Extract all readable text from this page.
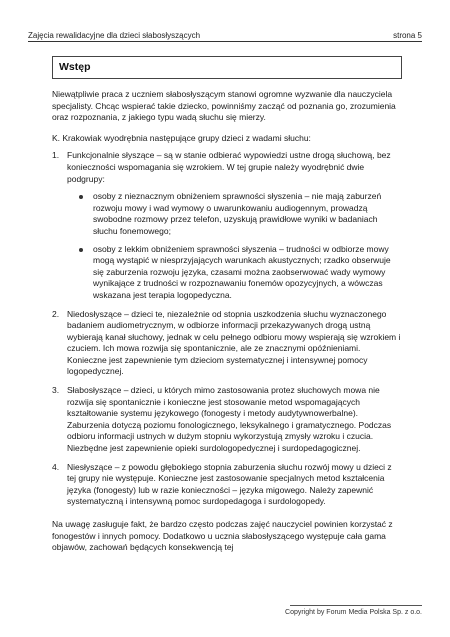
Zajęcia rewalidacyjne dla dzieci słabosłyszących	strona 5
Wstęp
Niewątpliwie praca z uczniem słabosłyszącym stanowi ogromne wyzwanie dla nauczyciela specjalisty. Chcąc wspierać takie dziecko, powinniśmy zacząć od poznania go, zrozumienia oraz rozpoznania, z jakiego typu wadą słuchu się mierzy.
K. Krakowiak wyodrębnia następujące grupy dzieci z wadami słuchu:
1. Funkcjonalnie słyszące – są w stanie odbierać wypowiedzi ustne drogą słuchową, bez konieczności wspomagania się wzrokiem. W tej grupie należy wyodrębnić dwie podgrupy:
osoby z nieznacznym obniżeniem sprawności słyszenia – nie mają zaburzeń rozwoju mowy i wad wymowy o uwarunkowaniu audiogennym, prowadzą swobodne rozmowy przez telefon, uzyskują prawidłowe wyniki w badaniach słuchu fonemowego;
osoby z lekkim obniżeniem sprawności słyszenia – trudności w odbiorze mowy mogą wystąpić w niesprzyjających warunkach akustycznych; rzadko obserwuje się zaburzenia rozwoju języka, czasami można zaobserwować wady wymowy wynikające z trudności w rozpoznawaniu fonemów opozycyjnych, a wówczas wskazana jest terapia logopedyczna.
2. Niedosłyszące – dzieci te, niezależnie od stopnia uszkodzenia słuchu wyznaczonego badaniem audiometrycznym, w odbiorze informacji przekazywanych drogą ustną wybierają kanał słuchowy, jednak w celu pełnego odbioru mowy wspierają się wzrokiem i czuciem. Ich mowa rozwija się spontanicznie, ale ze znacznymi opóźnieniami. Konieczne jest zapewnienie tym dzieciom systematycznej i intensywnej pomocy logopedycznej.
3. Słabosłyszące – dzieci, u których mimo zastosowania protez słuchowych mowa nie rozwija się spontanicznie i konieczne jest stosowanie metod wspomagających kształtowanie systemu językowego (fonogesty i metody audytywnowerbalne). Zaburzenia dotyczą poziomu fonologicznego, leksykalnego i gramatycznego. Podczas odbioru informacji ustnych w dużym stopniu wykorzystują zmysły wzroku i czucia. Niezbędne jest zapewnienie opieki surdologopedycznej i surdopedagogicznej.
4. Niesłyszące – z powodu głębokiego stopnia zaburzenia słuchu rozwój mowy u dzieci z tej grupy nie występuje. Konieczne jest zastosowanie specjalnych metod kształcenia języka (fonogesty) lub w razie konieczności – języka migowego. Należy zapewnić systematyczną i intensywną pomoc surdopedagoga i surdologopedy.
Na uwagę zasługuje fakt, że bardzo często podczas zajęć nauczyciel powinien korzystać z fonogestów i innych pomocy. Dodatkowo u ucznia słabosłyszącego występuje cała gama objawów, zachowań będących konsekwencją tej
Copyright by Forum Media Polska Sp. z o.o.
